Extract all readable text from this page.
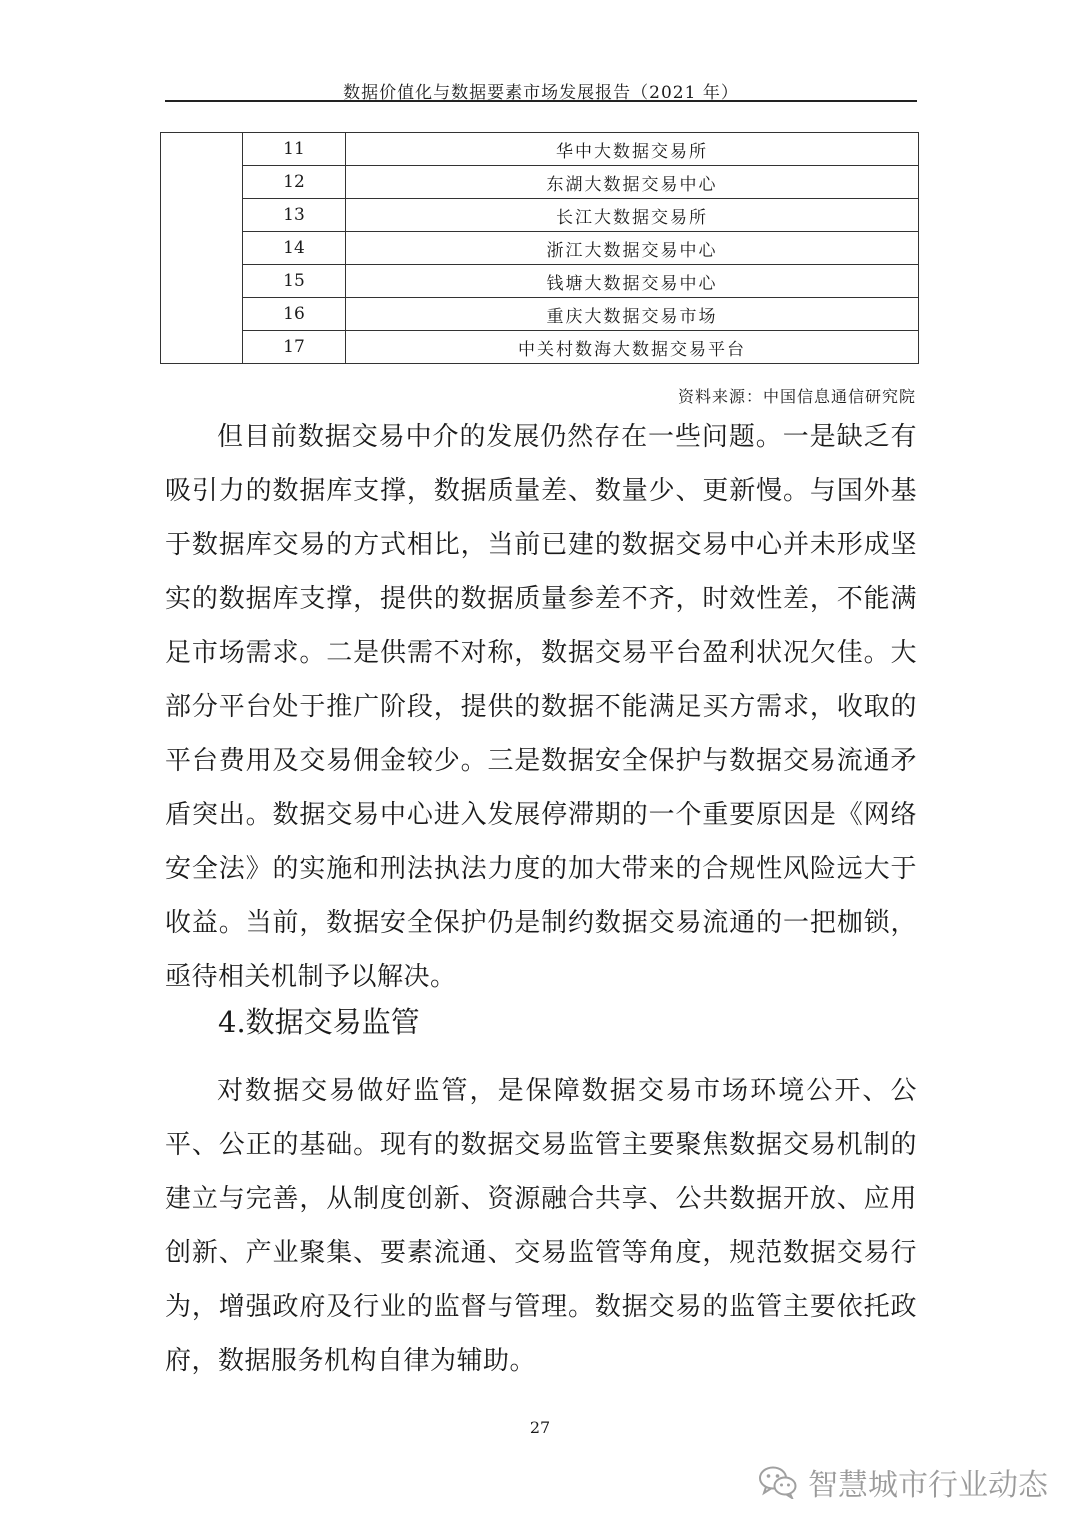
数据价值化与数据要素市场发展报告（2021 年）
	11	华中大数据交易所
	12	东湖大数据交易中心
	13	长江大数据交易所
	14	浙江大数据交易中心
	15	钱塘大数据交易中心
	16	重庆大数据交易市场
	17	中关村数海大数据交易平台
资料来源：中国信息通信研究院

但目前数据交易中介的发展仍然存在一些问题。一是缺乏有吸引力的数据库支撑，数据质量差、数量少、更新慢。与国外基于数据库交易的方式相比，当前已建的数据交易中心并未形成坚实的数据库支撑，提供的数据质量参差不齐，时效性差，不能满足市场需求。二是供需不对称，数据交易平台盈利状况欠佳。大部分平台处于推广阶段，提供的数据不能满足买方需求，收取的平台费用及交易佣金较少。三是数据安全保护与数据交易流通矛盾突出。数据交易中心进入发展停滞期的一个重要原因是《网络安全法》的实施和刑法执法力度的加大带来的合规性风险远大于收益。当前，数据安全保护仍是制约数据交易流通的一把枷锁，亟待相关机制予以解决。

4.数据交易监管

对数据交易做好监管，是保障数据交易市场环境公开、公平、公正的基础。现有的数据交易监管主要聚焦数据交易机制的建立与完善，从制度创新、资源融合共享、公共数据开放、应用创新、产业聚集、要素流通、交易监管等角度，规范数据交易行为，增强政府及行业的监督与管理。数据交易的监管主要依托政府，数据服务机构自律为辅助。

27
智慧城市行业动态
